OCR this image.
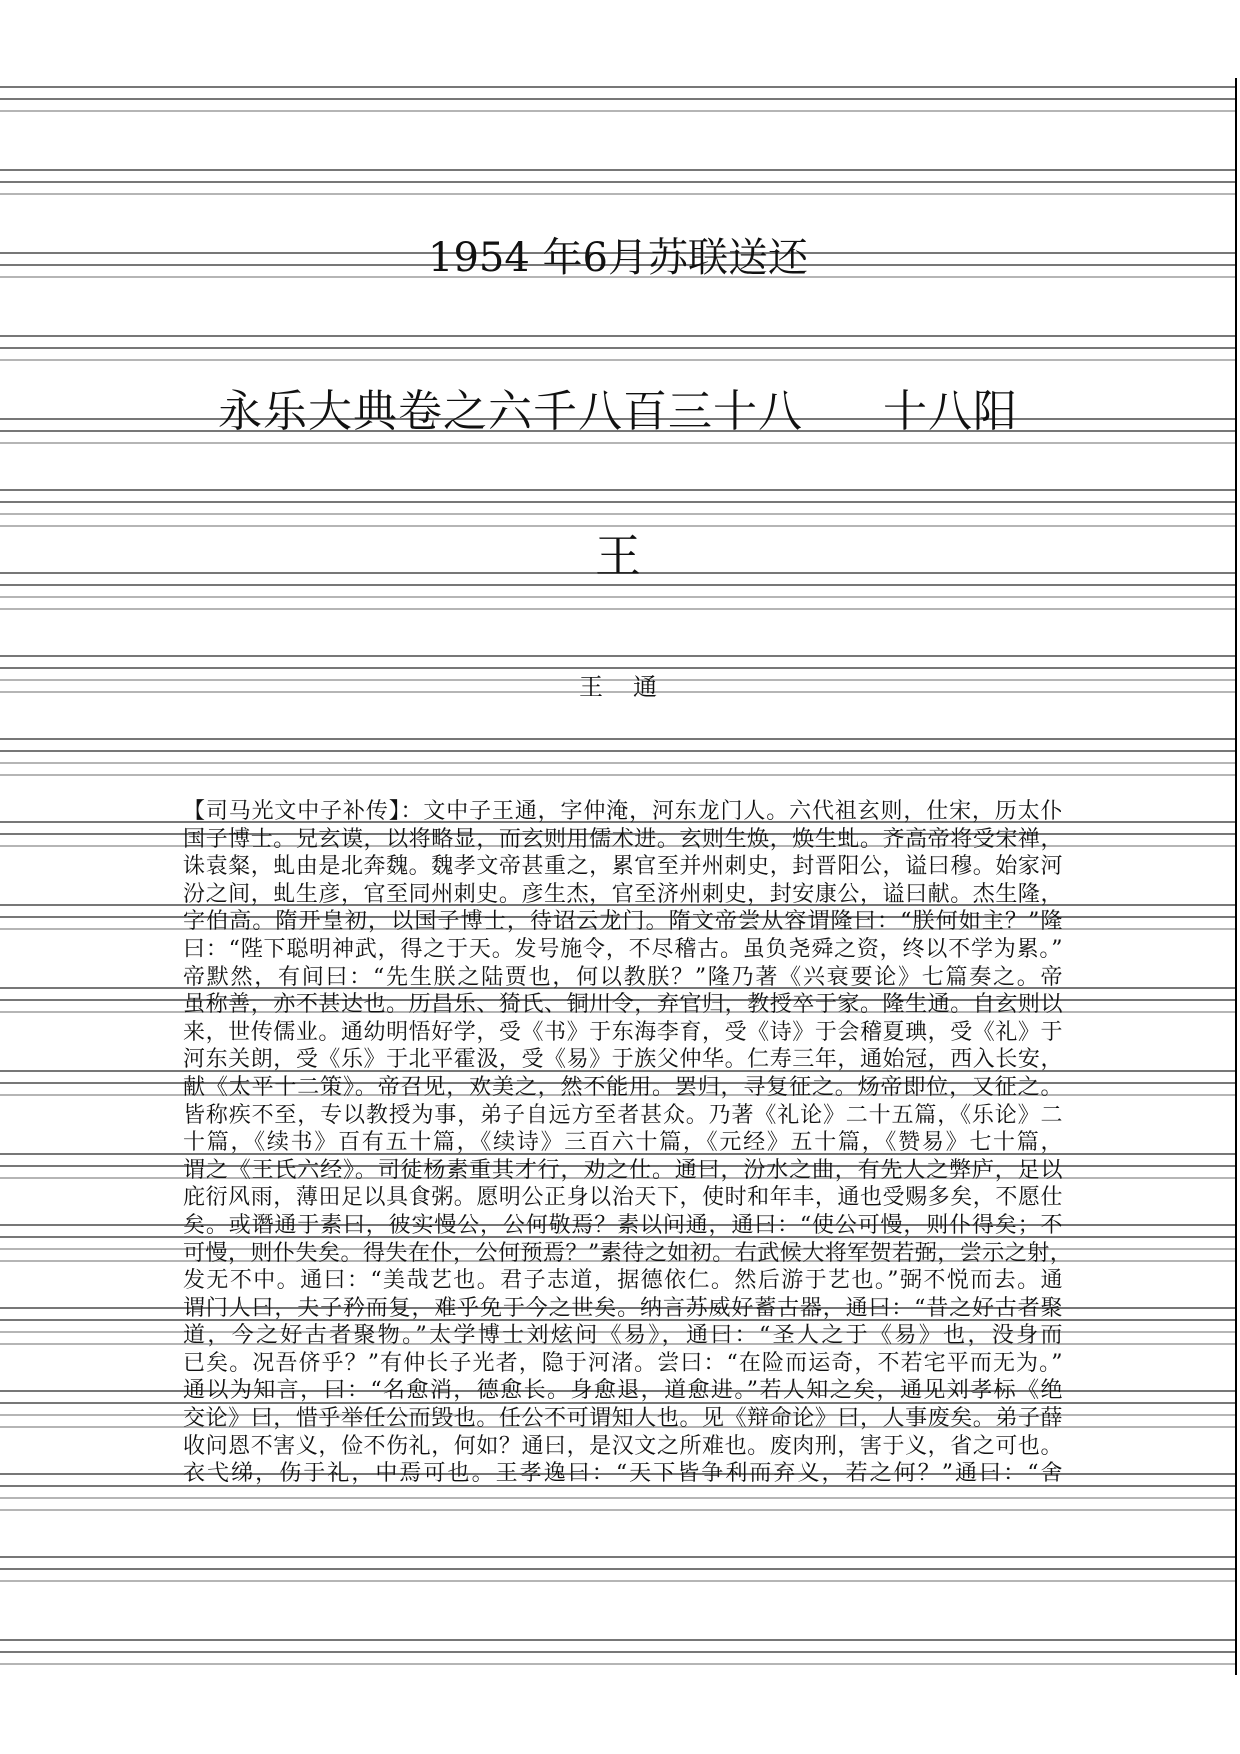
1954 年6月苏联送还
永乐大典卷之六千八百三十八 十八阳
王
王 通

【司马光文中子补传】：文中子王通，字仲淹，河东龙门人。六代祖玄则，仕宋，历太仆

国子博士。兄玄谟，以将略显，而玄则用儒术进。玄则生焕，焕生虬。齐高帝将受宋禅，

诛袁粲，虬由是北奔魏。魏孝文帝甚重之，累官至并州刺史，封晋阳公，谥曰穆。始家河

汾之间，虬生彦，官至同州刺史。彦生杰，官至济州刺史，封安康公，谥曰献。杰生隆，

字伯高。隋开皇初，以国子博士，待诏云龙门。隋文帝尝从容谓隆曰：“朕何如主？”隆

曰：“陛下聪明神武，得之于天。发号施令，不尽稽古。虽负尧舜之资，终以不学为累。”

帝默然，有间曰：“先生朕之陆贾也，何以教朕？”隆乃著《兴衰要论》七篇奏之。帝

虽称善，亦不甚达也。历昌乐、猗氏、铜川令，弃官归，教授卒于家。隆生通。自玄则以

来，世传儒业。通幼明悟好学，受《书》于东海李育，受《诗》于会稽夏琠，受《礼》于

河东关朗，受《乐》于北平霍汲，受《易》于族父仲华。仁寿三年，通始冠，西入长安，

献《太平十二策》。帝召见，欢美之，然不能用。罢归，寻复征之。炀帝即位，又征之。

皆称疾不至，专以教授为事，弟子自远方至者甚众。乃著《礼论》二十五篇，《乐论》二

十篇，《续书》百有五十篇，《续诗》三百六十篇，《元经》五十篇，《赞易》七十篇，

谓之《王氏六经》。司徒杨素重其才行，劝之仕。通曰，汾水之曲，有先人之弊庐，足以

庇衍风雨，薄田足以具食粥。愿明公正身以治天下，使时和年丰，通也受赐多矣，不愿仕

矣。或谮通于素曰，彼实慢公，公何敬焉？素以问通，通曰：“使公可慢，则仆得矣；不

可慢，则仆失矣。得失在仆，公何预焉？”素待之如初。右武候大将军贺若弼，尝示之射，

发无不中。通曰：“美哉艺也。君子志道，据德依仁。然后游于艺也。”弼不悦而去。通

谓门人曰，夫子矜而复，难乎免于今之世矣。纳言苏威好蓄古器，通曰：“昔之好古者聚

道，今之好古者聚物。”太学博士刘炫问《易》，通曰：“圣人之于《易》也，没身而

已矣。况吾侪乎？”有仲长子光者，隐于河渚。尝曰：“在险而运奇，不若宅平而无为。”

通以为知言，曰：“名愈消，德愈长。身愈退，道愈进。”若人知之矣，通见刘孝标《绝

交论》曰，惜乎举任公而毁也。任公不可谓知人也。见《辩命论》曰，人事废矣。弟子薛

收问恩不害义，俭不伤礼，何如？通曰，是汉文之所难也。废肉刑，害于义，省之可也。

衣弋绨，伤于礼，中焉可也。王孝逸曰：“天下皆争利而弃义，若之何？”通曰：“舍
